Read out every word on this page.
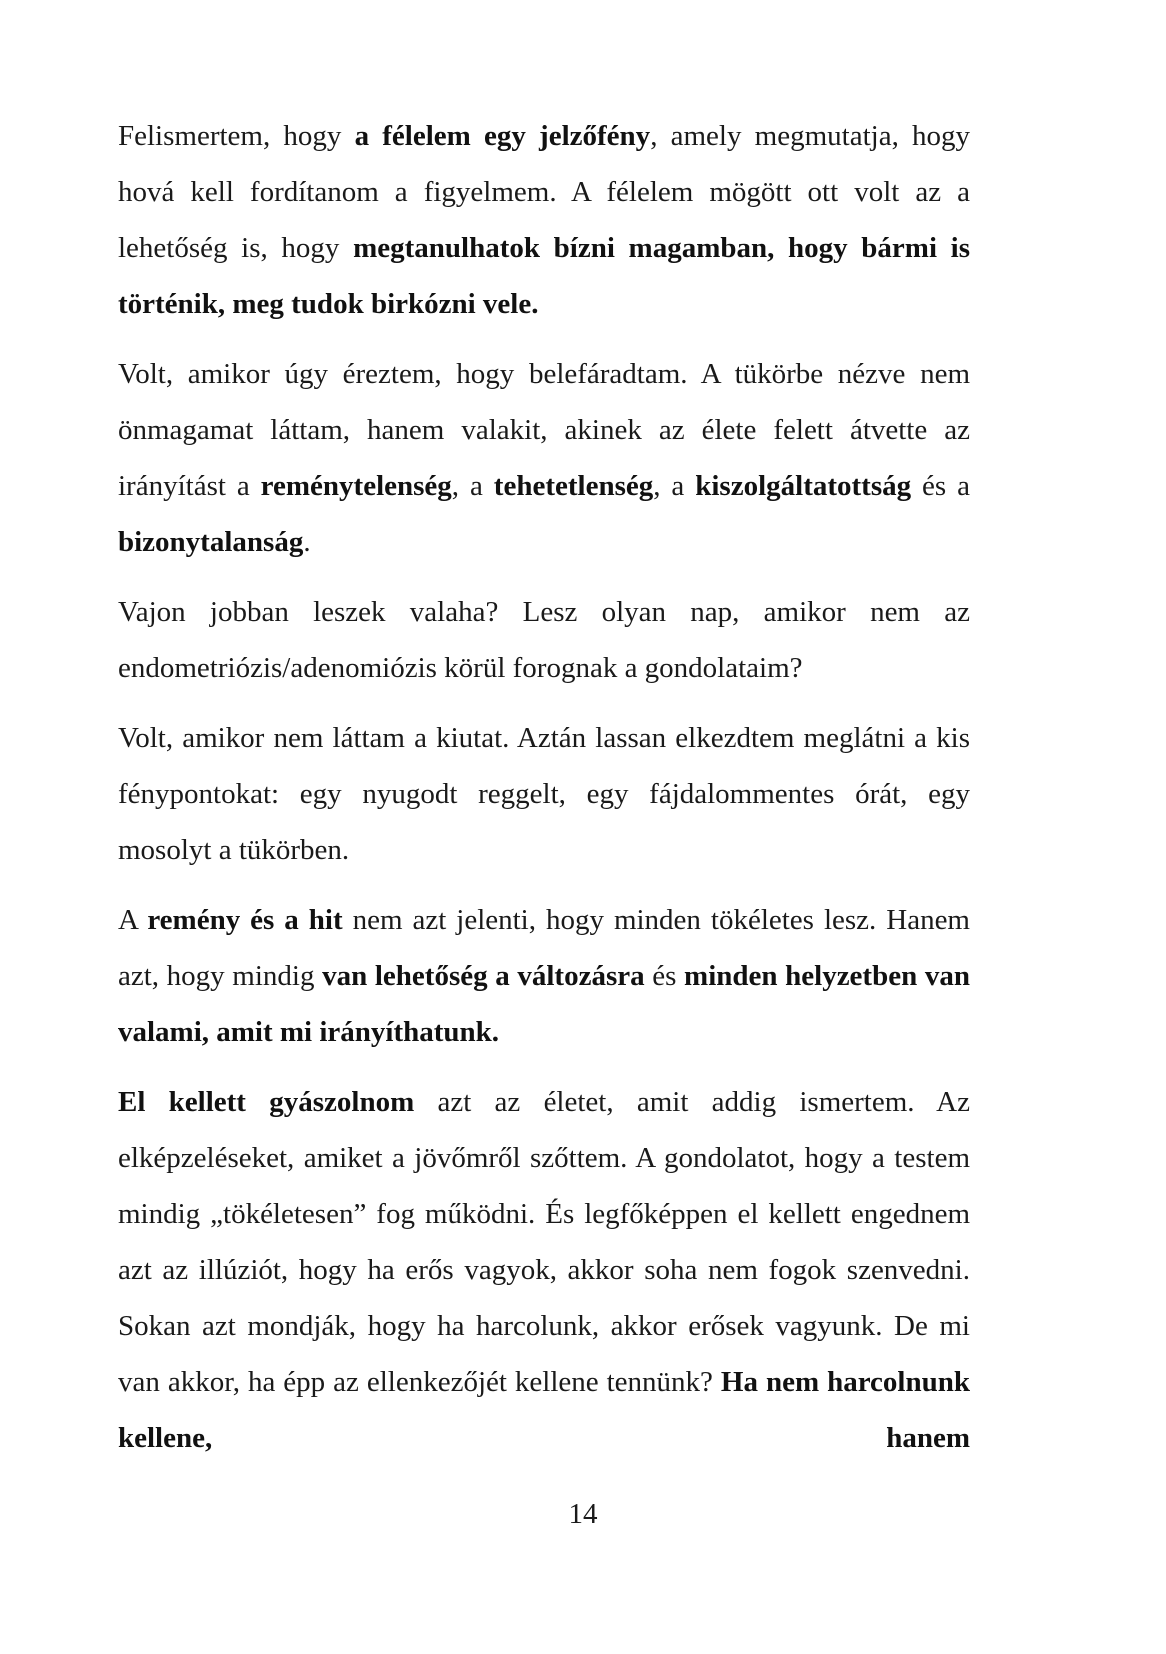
Felismertem, hogy a félelem egy jelzőfény, amely megmutatja, hogy hová kell fordítanom a figyelmem. A félelem mögött ott volt az a lehetőség is, hogy megtanulhatok bízni magamban, hogy bármi is történik, meg tudok birkózni vele.

Volt, amikor úgy éreztem, hogy belefáradtam. A tükörbe nézve nem önmagamat láttam, hanem valakit, akinek az élete felett átvette az irányítást a reménytelenség, a tehetetlenség, a kiszolgáltatottság és a bizonytalanság.

Vajon jobban leszek valaha? Lesz olyan nap, amikor nem az endometriózis/adenomiózis körül forognak a gondolataim?

Volt, amikor nem láttam a kiutat. Aztán lassan elkezdtem meglátni a kis fénypontokat: egy nyugodt reggelt, egy fájdalommentes órát, egy mosolyt a tükörben.

A remény és a hit nem azt jelenti, hogy minden tökéletes lesz. Hanem azt, hogy mindig van lehetőség a változásra és minden helyzetben van valami, amit mi irányíthatunk.

El kellett gyászolnom azt az életet, amit addig ismertem. Az elképzeléseket, amiket a jövőmről szőttem. A gondolatot, hogy a testem mindig „tökéletesen” fog működni. És legfőképpen el kellett engednem azt az illúziót, hogy ha erős vagyok, akkor soha nem fogok szenvedni. Sokan azt mondják, hogy ha harcolunk, akkor erősek vagyunk. De mi van akkor, ha épp az ellenkezőjét kellene tennünk? Ha nem harcolnunk kellene, hanem

14
